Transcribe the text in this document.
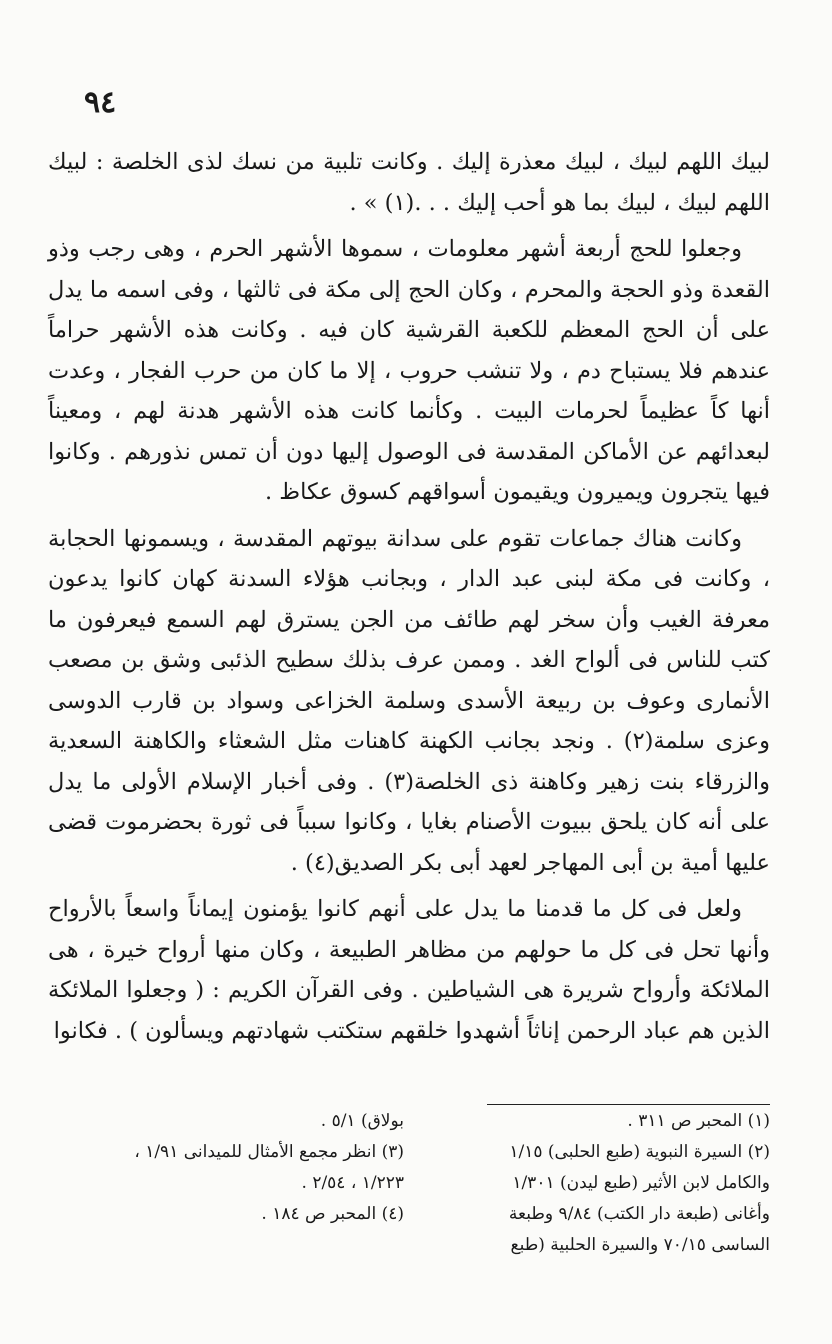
٩٤

لبيك اللهم لبيك ، لبيك معذرة إليك . وكانت تلبية من نسك لذى الخلصة : لبيك اللهم لبيك ، لبيك بما هو أحب إليك . . .(١) » .

وجعلوا للحج أربعة أشهر معلومات ، سموها الأشهر الحرم ، وهى رجب وذو القعدة وذو الحجة والمحرم ، وكان الحج إلى مكة فى ثالثها ، وفى اسمه ما يدل على أن الحج المعظم للكعبة القرشية كان فيه . وكانت هذه الأشهر حراماً عندهم فلا يستباح دم ، ولا تنشب حروب ، إلا ما كان من حرب الفجار ، وعدت أنها كاً عظيماً لحرمات البيت . وكأنما كانت هذه الأشهر هدنة لهم ، ومعيناً لبعدائهم عن الأماكن المقدسة فى الوصول إليها دون أن تمس نذورهم . وكانوا فيها يتجرون ويميرون ويقيمون أسواقهم كسوق عكاظ .

وكانت هناك جماعات تقوم على سدانة بيوتهم المقدسة ، ويسمونها الحجابة ، وكانت فى مكة لبنى عبد الدار ، وبجانب هؤلاء السدنة كهان كانوا يدعون معرفة الغيب وأن سخر لهم طائف من الجن يسترق لهم السمع فيعرفون ما كتب للناس فى ألواح الغد . وممن عرف بذلك سطيح الذئبى وشق بن مصعب الأنمارى وعوف بن ربيعة الأسدى وسلمة الخزاعى وسواد بن قارب الدوسى وعزى سلمة(٢) . ونجد بجانب الكهنة كاهنات مثل الشعثاء والكاهنة السعدية والزرقاء بنت زهير وكاهنة ذى الخلصة(٣) . وفى أخبار الإسلام الأولى ما يدل على أنه كان يلحق ببيوت الأصنام بغايا ، وكانوا سبباً فى ثورة بحضرموت قضى عليها أمية بن أبى المهاجر لعهد أبى بكر الصديق(٤) .

ولعل فى كل ما قدمنا ما يدل على أنهم كانوا يؤمنون إيماناً واسعاً بالأرواح وأنها تحل فى كل ما حولهم من مظاهر الطبيعة ، وكان منها أرواح خيرة ، هى الملائكة وأرواح شريرة هى الشياطين . وفى القرآن الكريم : ( وجعلوا الملائكة الذين هم عباد الرحمن إناثاً أشهدوا خلقهم ستكتب شهادتهم ويسألون ) . فكانوا

(١) المحبر ص ٣١١ .
(٢) السيرة النبوية (طبع الحلبى) ١/١٥
والكامل لابن الأثير (طبع ليدن) ١/٣٠١
وأغانى (طبعة دار الكتب) ٩/٨٤ وطبعة
الساسى ٧٠/١٥ والسيرة الحلبية (طبع
بولاق) ٥/١ .
(٣) انظر مجمع الأمثال للميدانى ١/٩١ ،
١/٢٢٣ ، ٢/٥٤ .
(٤) المحبر ص ١٨٤ .
